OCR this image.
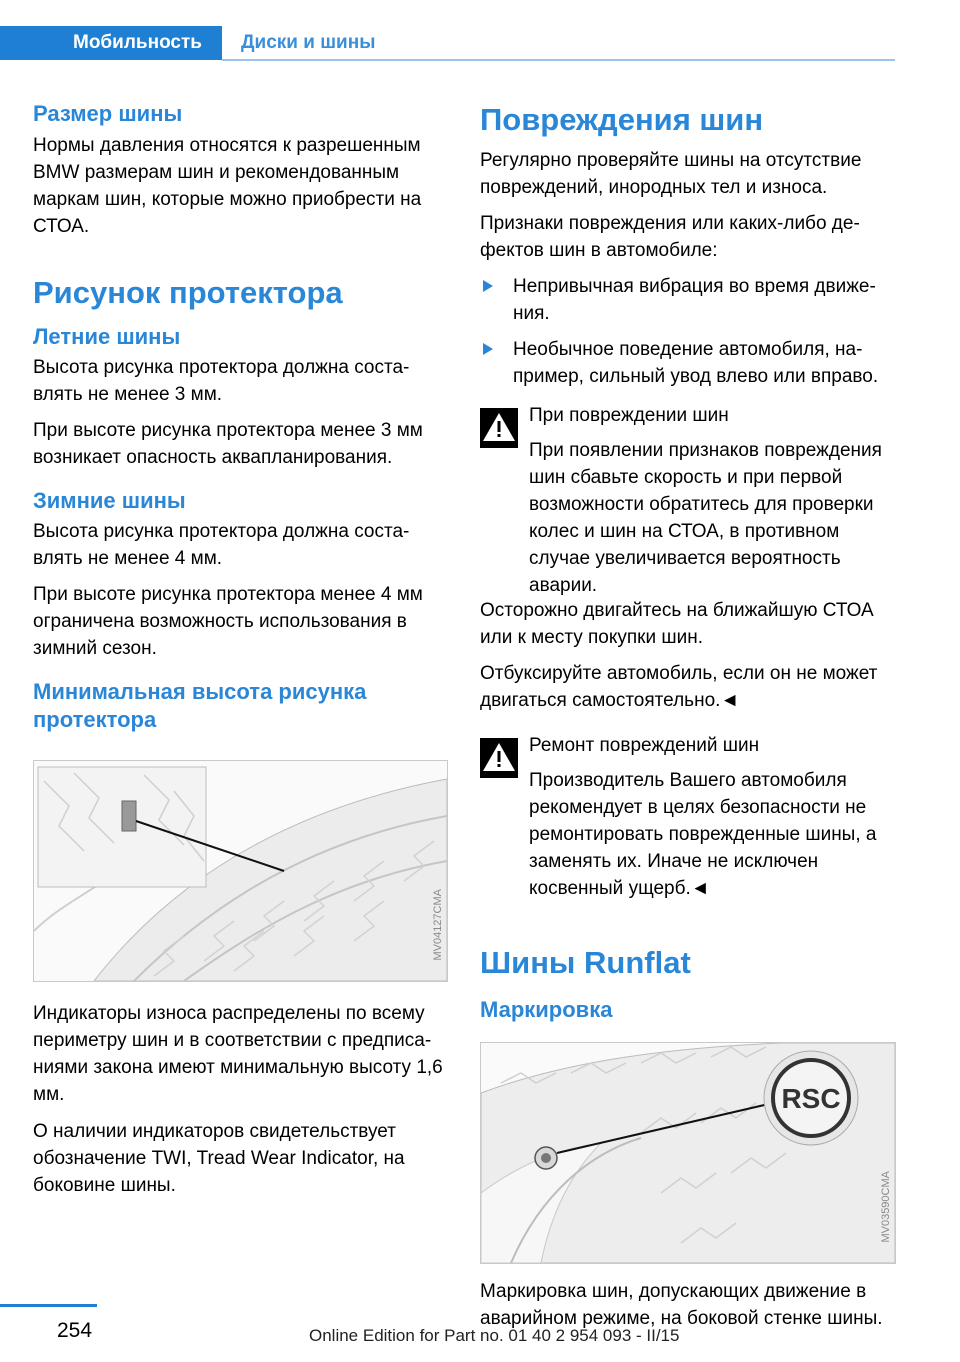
Мобильность	Диски и шины
Размер шины

Нормы давления относятся к разрешенным BMW размерам шин и рекомендованным маркам шин, которые можно приобрести на СТОА.

Рисунок протектора
Летние шины

Высота рисунка протектора должна составлять не менее 3 мм.

При высоте рисунка протектора менее 3 мм возникает опасность аквапланирования.

Зимние шины

Высота рисунка протектора должна составлять не менее 4 мм.

При высоте рисунка протектора менее 4 мм ограничена возможность использования в зимний сезон.

Минимальная высота рисунка протектора
MV04127CMA

Индикаторы износа распределены по всему периметру шин и в соответствии с предписаниями закона имеют минимальную высоту 1,6 мм.

О наличии индикаторов свидетельствует обозначение TWI, Tread Wear Indicator, на боковине шины.

Повреждения шин

Регулярно проверяйте шины на отсутствие повреждений, инородных тел и износа.

Признаки повреждения или каких-либо дефектов шин в автомобиле:

Непривычная вибрация во время движения.
Необычное поведение автомобиля, например, сильный увод влево или вправо.

При повреждении шин

При появлении признаков повреждения шин сбавьте скорость и при первой возможности обратитесь для проверки колес и шин на СТОА, в противном случае увеличивается вероятность аварии.

Осторожно двигайтесь на ближайшую СТОА или к месту покупки шин.

Отбуксируйте автомобиль, если он не может двигаться самостоятельно.◄

Ремонт повреждений шин

Производитель Вашего автомобиля рекомендует в целях безопасности не ремонтировать поврежденные шины, а заменять их. Иначе не исключен косвенный ущерб.◄

Шины Runflat
Маркировка
RSC
MV03590CMA

Маркировка шин, допускающих движение в аварийном режиме, на боковой стенке шины.

254	Online Edition for Part no. 01 40 2 954 093 - II/15
